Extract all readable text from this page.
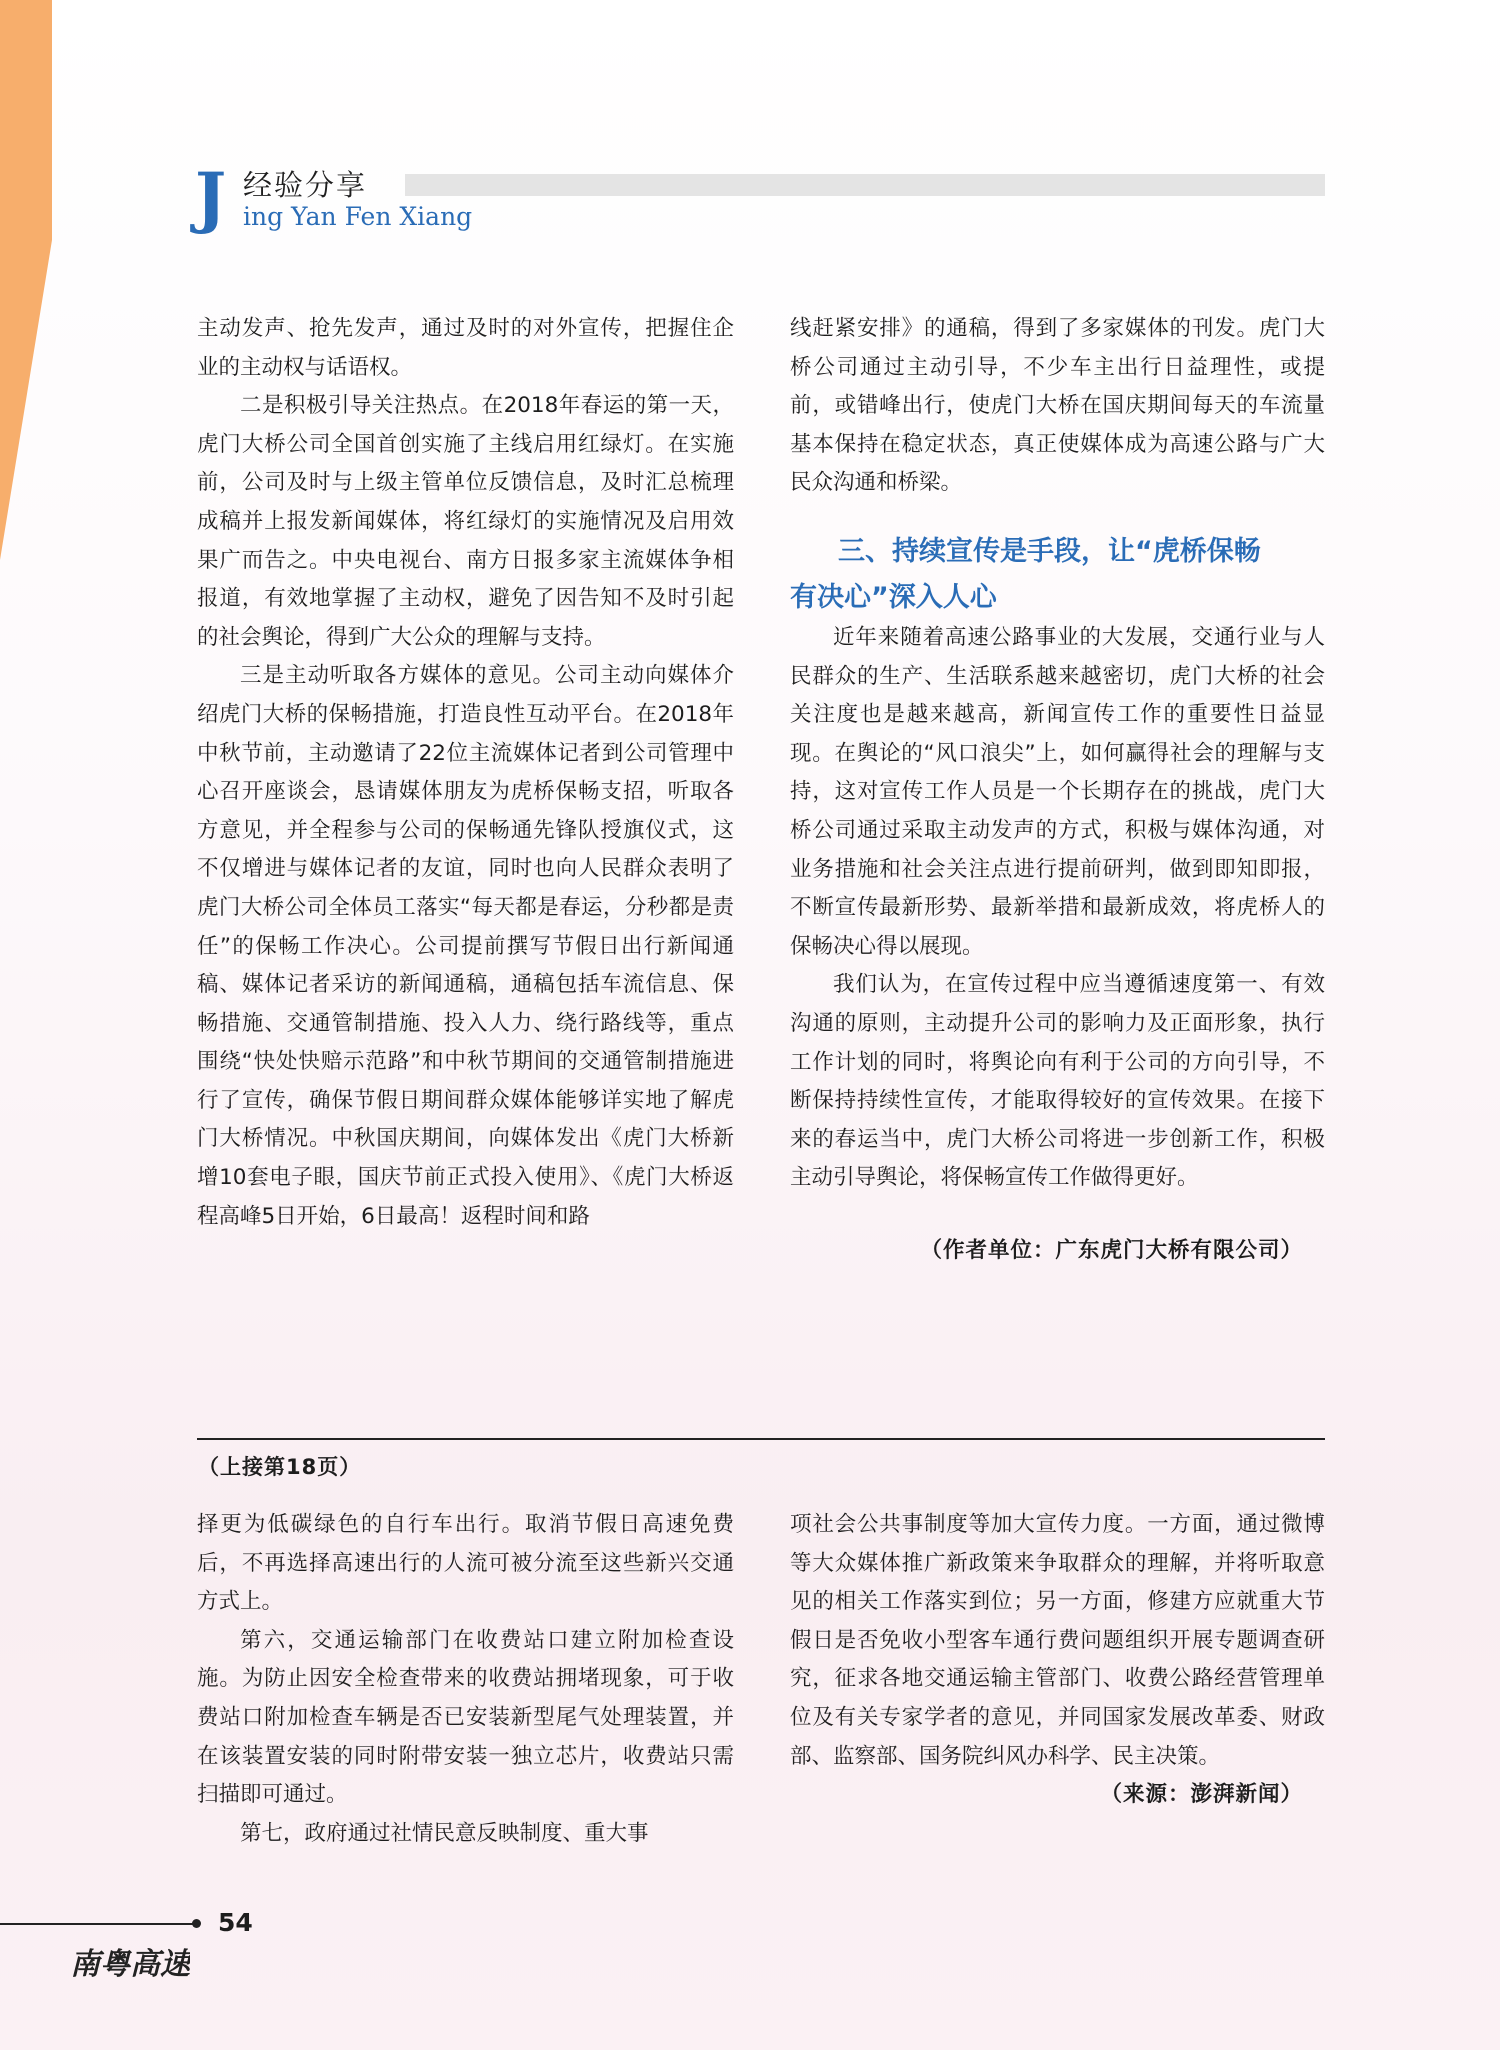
J 经验分享
ing Yan Fen Xiang

主动发声、抢先发声，通过及时的对外宣传，把握住企业的主动权与话语权。

二是积极引导关注热点。在2018年春运的第一天，虎门大桥公司全国首创实施了主线启用红绿灯。在实施前，公司及时与上级主管单位反馈信息，及时汇总梳理成稿并上报发新闻媒体，将红绿灯的实施情况及启用效果广而告之。中央电视台、南方日报多家主流媒体争相报道，有效地掌握了主动权，避免了因告知不及时引起的社会舆论，得到广大公众的理解与支持。

三是主动听取各方媒体的意见。公司主动向媒体介绍虎门大桥的保畅措施，打造良性互动平台。在2018年中秋节前，主动邀请了22位主流媒体记者到公司管理中心召开座谈会，恳请媒体朋友为虎桥保畅支招，听取各方意见，并全程参与公司的保畅通先锋队授旗仪式，这不仅增进与媒体记者的友谊，同时也向人民群众表明了虎门大桥公司全体员工落实“每天都是春运，分秒都是责任”的保畅工作决心。公司提前撰写节假日出行新闻通稿、媒体记者采访的新闻通稿，通稿包括车流信息、保畅措施、交通管制措施、投入人力、绕行路线等，重点围绕“快处快赔示范路”和中秋节期间的交通管制措施进行了宣传，确保节假日期间群众媒体能够详实地了解虎门大桥情况。中秋国庆期间，向媒体发出《虎门大桥新增10套电子眼，国庆节前正式投入使用》、《虎门大桥返程高峰5日开始，6日最高！返程时间和路

线赶紧安排》的通稿，得到了多家媒体的刊发。虎门大桥公司通过主动引导，不少车主出行日益理性，或提前，或错峰出行，使虎门大桥在国庆期间每天的车流量基本保持在稳定状态，真正使媒体成为高速公路与广大民众沟通和桥梁。

三、持续宣传是手段，让“虎桥保畅
有决心”深入人心

近年来随着高速公路事业的大发展，交通行业与人民群众的生产、生活联系越来越密切，虎门大桥的社会关注度也是越来越高，新闻宣传工作的重要性日益显现。在舆论的“风口浪尖”上，如何赢得社会的理解与支持，这对宣传工作人员是一个长期存在的挑战，虎门大桥公司通过采取主动发声的方式，积极与媒体沟通，对业务措施和社会关注点进行提前研判，做到即知即报，不断宣传最新形势、最新举措和最新成效，将虎桥人的保畅决心得以展现。

我们认为，在宣传过程中应当遵循速度第一、有效沟通的原则，主动提升公司的影响力及正面形象，执行工作计划的同时，将舆论向有利于公司的方向引导，不断保持持续性宣传，才能取得较好的宣传效果。在接下来的春运当中，虎门大桥公司将进一步创新工作，积极主动引导舆论，将保畅宣传工作做得更好。

（作者单位：广东虎门大桥有限公司）
（上接第18页）

择更为低碳绿色的自行车出行。取消节假日高速免费后，不再选择高速出行的人流可被分流至这些新兴交通方式上。

第六，交通运输部门在收费站口建立附加检查设施。为防止因安全检查带来的收费站拥堵现象，可于收费站口附加检查车辆是否已安装新型尾气处理装置，并在该装置安装的同时附带安装一独立芯片，收费站只需扫描即可通过。

第七，政府通过社情民意反映制度、重大事

项社会公共事制度等加大宣传力度。一方面，通过微博等大众媒体推广新政策来争取群众的理解，并将听取意见的相关工作落实到位；另一方面，修建方应就重大节假日是否免收小型客车通行费问题组织开展专题调查研究，征求各地交通运输主管部门、收费公路经营管理单位及有关专家学者的意见，并同国家发展改革委、财政部、监察部、国务院纠风办科学、民主决策。

（来源：澎湃新闻）
54
南粤高速
